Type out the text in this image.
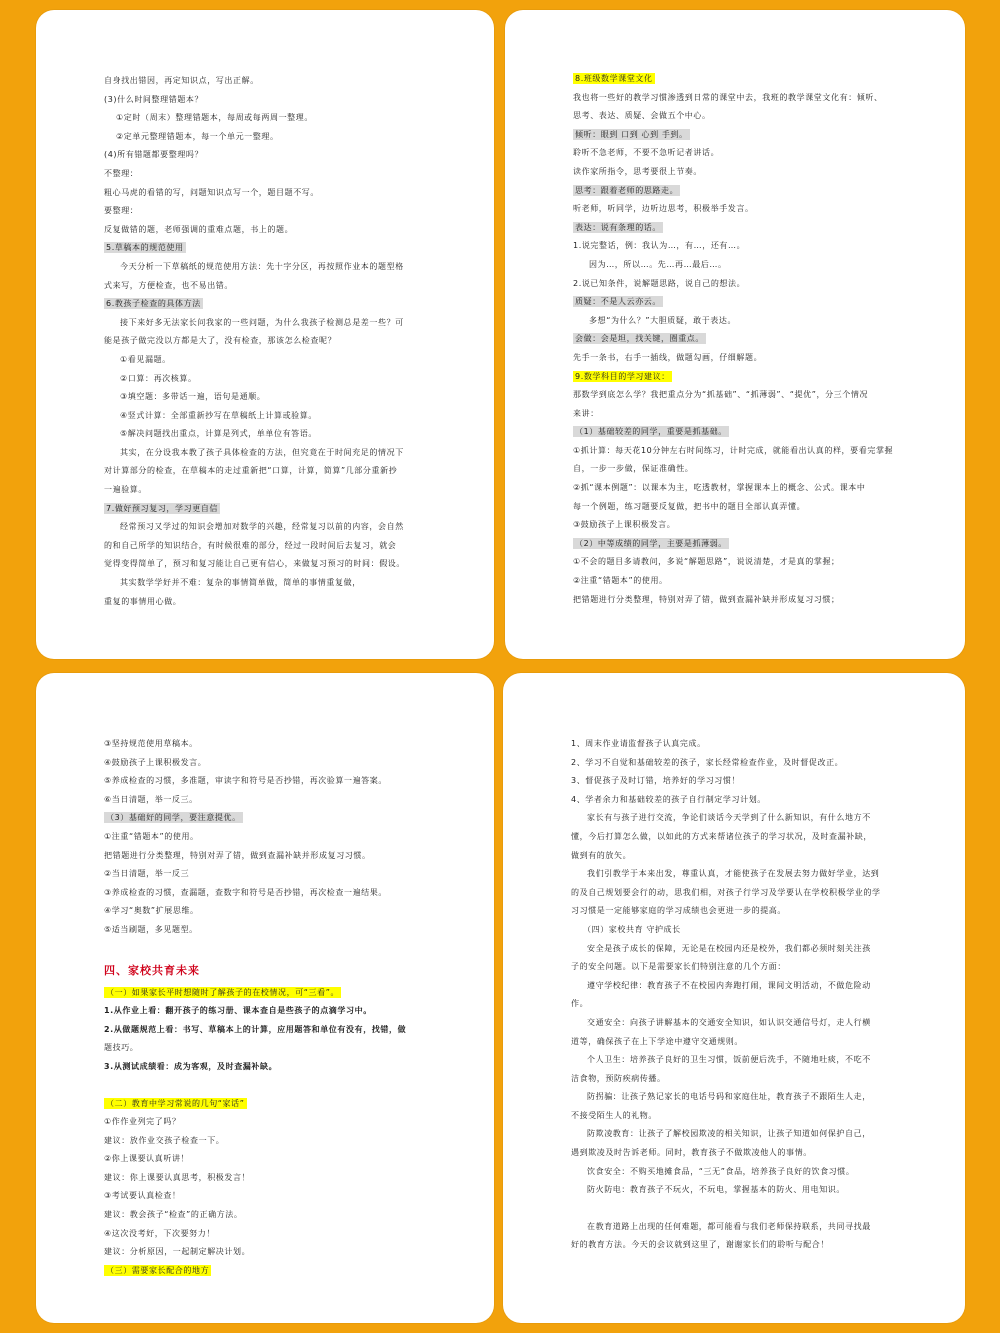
自身找出错因，再定知识点，写出正解。
(3)什么时间整理错题本？
①定时（周末）整理错题本，每周或每两周一整理。
②定单元整理错题本，每一个单元一整理。
(4)所有错题都要整理吗？
不整理：
粗心马虎的看错的写，问题知识点写一个，题目题不写。
要整理：
反复做错的题，老师强调的重难点题，书上的题。
5.草稿本的规范使用
今天分析一下草稿纸的规范使用方法：先十字分区，再按照作业本的题型格
式来写，方便检查，也不易出错。
6.教孩子检查的具体方法
接下来好多无法家长问我家的一些问题，为什么我孩子检测总是差一些？可
能是孩子做完没以方都是大了，没有检查，那该怎么检查呢？
①看见漏题。
②口算：再次核算。
③填空题：多带话一遍，语句是通顺。
④竖式计算：全部重新抄写在草稿纸上计算或验算。
⑤解决问题找出重点，计算是列式，单单位有答语。
其实，在分设我本教了孩子具体检查的方法，但究竟在于时间充足的情况下
对计算部分的检查，在草稿本的走过重新把“口算，计算，简算”几部分重新抄
一遍验算。
7.做好预习复习，学习更自信
经常预习又学过的知识会增加对数学的兴趣，经常复习以前的内容，会自然
的和自己所学的知识结合，有时候很难的部分，经过一段时间后去复习，就会
觉得变得简单了，预习和复习能让自己更有信心，来做复习预习的时间：假设。
其实数学学好并不难：复杂的事情简单做，简单的事情重复做，
重复的事情用心做。
8.班级数学课堂文化
我也将一些好的教学习惯渗透到日常的课堂中去，我班的教学课堂文化有：倾听、
思考、表达、质疑、会做五个中心。
倾听：眼到 口到 心到 手到。
聆听不急老师，不要不急听记者讲话。
读作家所指令，思考要很上节奏。
思考：跟着老师的思路走。
听老师，听同学，边听边思考，积极举手发言。
表达：说有条理的话。
1.说完整话，例：我认为…，有…，还有…。
因为…，所以…。先…再…最后…。
2.说已知条件，说解题思路，说自己的想法。
质疑：不是人云亦云。
多想“为什么？”大胆质疑，敢于表达。
会做：会是坦，找关键，圈重点。
先手一条书，右手一插线，做题勾画，仔细解题。
9.数学科目的学习建议：
那数学到底怎么学？我把重点分为“抓基础”、“抓薄弱”、“提优”，分三个情况
来讲：
（1）基础较差的同学，重要是抓基础。
①抓计算：每天花10分钟左右时间练习，计时完成，就能看出认真的样，要看完掌握
自，一步一步做，保证准确性。
②抓“课本例题”：以课本为主，吃透教材，掌握课本上的概念、公式。课本中
每一个例题，练习题要反复做，把书中的题目全部认真弄懂。
③鼓励孩子上课积极发言。
（2）中等成绩的同学，主要是抓薄弱。
①不会的题目多请教问，多说“解题思路”，说说清楚，才是真的掌握；
②注重“错题本”的使用。
把错题进行分类整理，特别对弄了错，做到查漏补缺并形成复习习惯；
③坚持规范使用草稿本。
④鼓励孩子上课积极发言。
⑤养成检查的习惯，多准题，审读字和符号是否抄错，再次验算一遍答案。
⑥当日清题，举一反三。
（3）基础好的同学，要注意提优。
①注重“错题本”的使用。
把错题进行分类整理，特别对弄了错，做到查漏补缺并形成复习习惯。
②当日清题，举一反三
③养成检查的习惯，查漏题，查数字和符号是否抄错，再次检查一遍结果。
④学习“奥数”扩展思维。
⑤适当刷题，多见题型。
四、家校共育未来
（一）如果家长平时想随时了解孩子的在校情况，可“三看”。
1.从作业上看：翻开孩子的练习册、课本查自是些孩子的点滴学习中。
2.从做题规范上看：书写、草稿本上的计算，应用题答和单位有没有，找错，做
题技巧。
3.从测试成绩看：成为客观，及时查漏补缺。
（二）教育中学习常说的几句“家话”
①作作业列完了吗？
建议：放作业交孩子检查一下。
②你上课要认真听讲！
建议：你上课要认真思考，积极发言！
③考试要认真检查！
建议：教会孩子“检查”的正确方法。
④这次没考好，下次要努力！
建议：分析原因，一起制定解决计划。
（三）需要家长配合的地方
1、周末作业请监督孩子认真完成。
2、学习不自觉和基础较差的孩子，家长经常检查作业，及时督促改正。
3、督促孩子及时订错，培养好的学习习惯！
4、学者余力和基础较差的孩子自行制定学习计划。
家长有与孩子进行交流，争论们谈话今天学到了什么新知识，有什么地方不
懂，今后打算怎么做，以如此的方式来帮诸位孩子的学习状况，及时查漏补缺，
做到有的放矢。
我们引教学于本来出发，尊重认真，才能使孩子在发展去努力做好学业，达到
的及自己规划要会行的动，思我们相，对孩子行学习及学要认在学校积极学业的学
习习惯是一定能够家庭的学习成绩也会更进一步的提高。
（四）家校共育 守护成长
安全是孩子成长的保障，无论是在校园内还是校外，我们都必须时刻关注孩
子的安全问题。以下是需要家长们特别注意的几个方面：
遵守学校纪律：教育孩子不在校园内奔跑打闹，课间文明活动，不做危险动
作。
交通安全：向孩子讲解基本的交通安全知识，如认识交通信号灯，走人行横
道等，确保孩子在上下学途中遵守交通规则。
个人卫生：培养孩子良好的卫生习惯，饭前便后洗手，不随地吐痰，不吃不
洁食物，预防疾病传播。
防拐骗：让孩子熟记家长的电话号码和家庭住址，教育孩子不跟陌生人走，
不接受陌生人的礼物。
防欺凌教育：让孩子了解校园欺凌的相关知识，让孩子知道如何保护自己，
遇到欺凌及时告诉老师。同时，教育孩子不做欺凌他人的事情。
饮食安全：不购买地摊食品，“三无”食品，培养孩子良好的饮食习惯。
防火防电：教育孩子不玩火，不玩电，掌握基本的防火、用电知识。
在教育道路上出现的任何难题，都可能看与我们老师保持联系，共同寻找最
好的教育方法。今天的会议就到这里了，谢谢家长们的聆听与配合！
